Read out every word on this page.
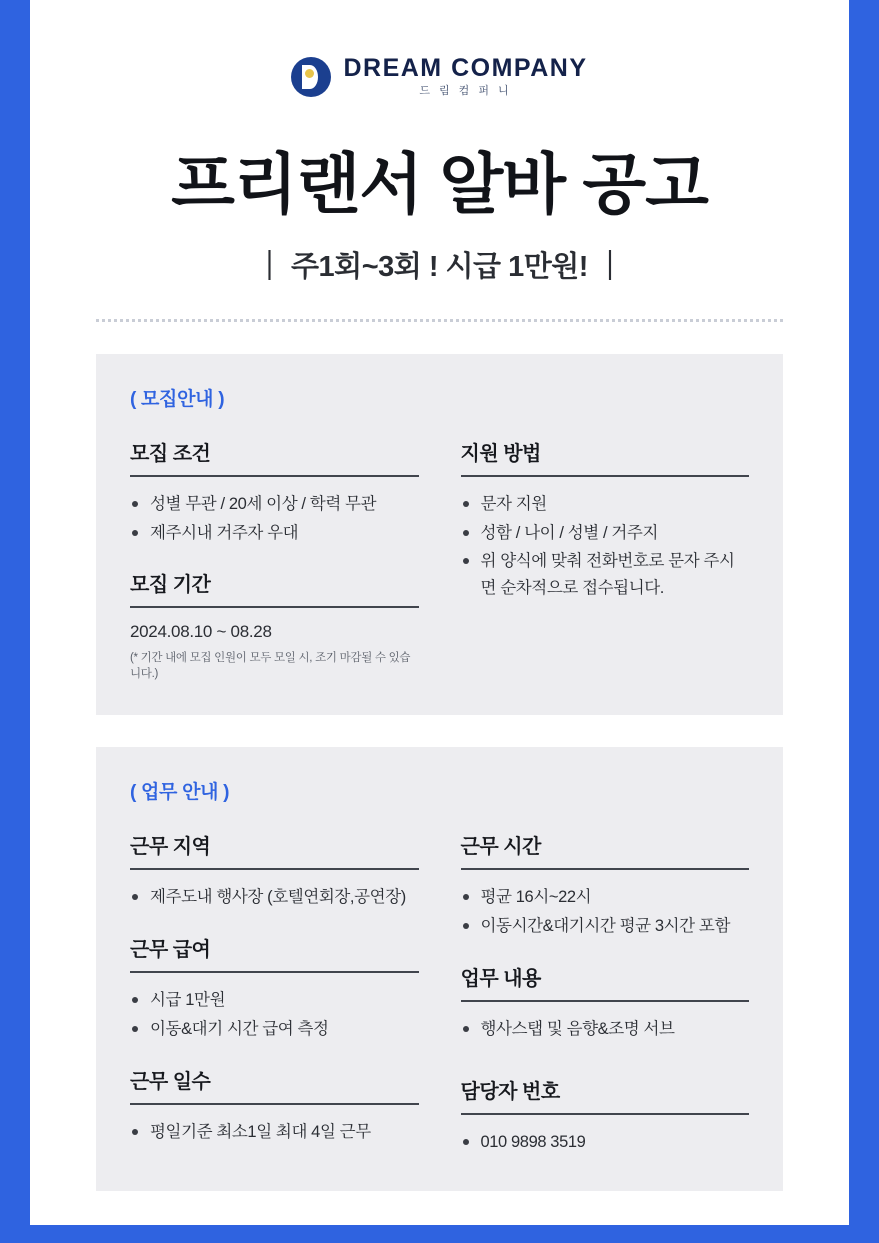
DREAM COMPANY
드 림 컴 퍼 니
프리랜서 알바 공고
｜ 주1회~3회 ! 시급 1만원! ｜
( 모집안내 )
모집 조건
성별 무관 / 20세 이상 / 학력 무관
제주시내 거주자 우대
모집 기간
2024.08.10 ~ 08.28
(* 기간 내에 모집 인원이 모두 모일 시, 조기 마감될 수 있습니다.)
지원 방법
문자 지원
성함 / 나이 / 성별 / 거주지
위 양식에 맞춰 전화번호로 문자 주시면 순차적으로 접수됩니다.
( 업무 안내 )
근무 지역
제주도내 행사장 (호텔연회장,공연장)
근무 급여
시급 1만원
이동&대기 시간 급여 측정
근무 일수
평일기준 최소1일 최대 4일 근무
근무 시간
평균 16시~22시
이동시간&대기시간 평균 3시간 포함
업무 내용
행사스탭 및 음향&조명 서브
담당자 번호
010 9898 3519
